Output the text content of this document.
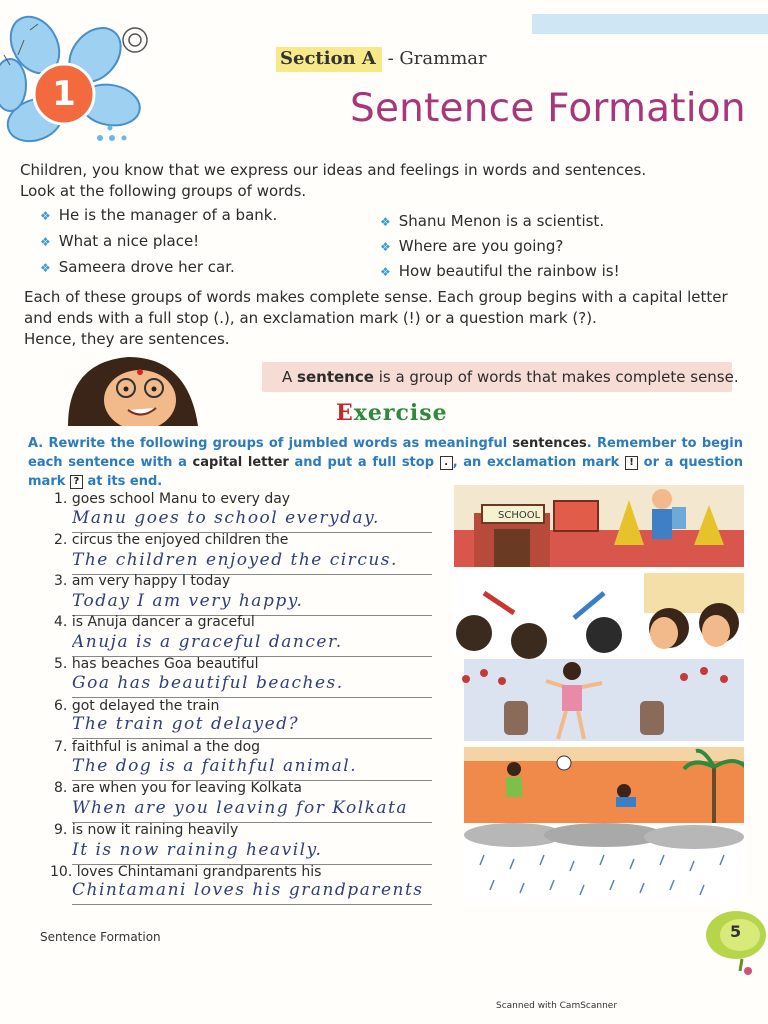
1
Section A - Grammar
Sentence Formation
Children, you know that we express our ideas and feelings in words and sentences.
Look at the following groups of words.
❖ He is the manager of a bank.
❖ What a nice place!
❖ Sameera drove her car.
❖ Shanu Menon is a scientist.
❖ Where are you going?
❖ How beautiful the rainbow is!
Each of these groups of words makes complete sense. Each group begins with a capital letter
and ends with a full stop (.), an exclamation mark (!) or a question mark (?).
Hence, they are sentences.
A sentence is a group of words that makes complete sense.
Exercise
A. Rewrite the following groups of jumbled words as meaningful sentences. Remember to begin each sentence with a capital letter and put a full stop . , an exclamation mark ! or a question mark ? at its end.
1. goes school Manu to every day
Manu goes to school everyday.
2. circus the enjoyed children the
The children enjoyed the circus.
3. am very happy I today
Today I am very happy.
4. is Anuja dancer a graceful
Anuja is a graceful dancer.
5. has beaches Goa beautiful
Goa has beautiful beaches.
6. got delayed the train
The train got delayed?
7. faithful is animal a the dog
The dog is a faithful animal.
8. are when you for leaving Kolkata
When are you leaving for Kolkata
9. is now it raining heavily
It is now raining heavily.
10. loves Chintamani grandparents his
Chintamani loves his grandparents
SCHOOL
Sentence Formation	5
Scanned with CamScanner
